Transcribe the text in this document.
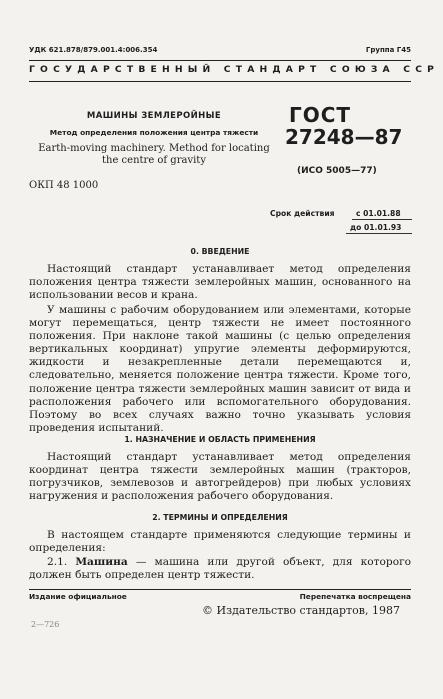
УДК 621.878/879.001.4:006.354	Группа Г45
ГОСУДАРСТВЕННЫЙ СТАНДАРТ СОЮЗА ССР
МАШИНЫ ЗЕМЛЕРОЙНЫЕ
Метод определения положения центра тяжести
Earth-moving machinery. Method for locating
the centre of gravity
ОКП 48 1000
ГОСТ
27248—87
(ИСО 5005—77)
Срок действия	с 01.01.88
до 01.01.93
0. ВВЕДЕНИЕ

Настоящий стандарт устанавливает метод определения положения центра тяжести землеройных машин, основанного на использовании весов и крана.

У машины с рабочим оборудованием или элементами, которые могут перемещаться, центр тяжести не имеет постоянного положения. При наклоне такой машины (с целью определения вертикальных координат) упругие элементы деформируются, жидкости и незакрепленные детали перемещаются и, следовательно, меняется положение центра тяжести. Кроме того, положение центра тяжести землеройных машин зависит от вида и расположения рабочего или вспомогательного оборудования. Поэтому во всех случаях важно точно указывать условия проведения испытаний.

1. НАЗНАЧЕНИЕ И ОБЛАСТЬ ПРИМЕНЕНИЯ

Настоящий стандарт устанавливает метод определения координат центра тяжести землеройных машин (тракторов, погрузчиков, землевозов и автогрейдеров) при любых условиях нагружения и расположения рабочего оборудования.

2. ТЕРМИНЫ И ОПРЕДЕЛЕНИЯ

В настоящем стандарте применяются следующие термины и определения:

2.1. Машина — машина или другой объект, для которого должен быть определен центр тяжести.

Издание официальное	Перепечатка воспрещена
© Издательство стандартов, 1987
2—726
